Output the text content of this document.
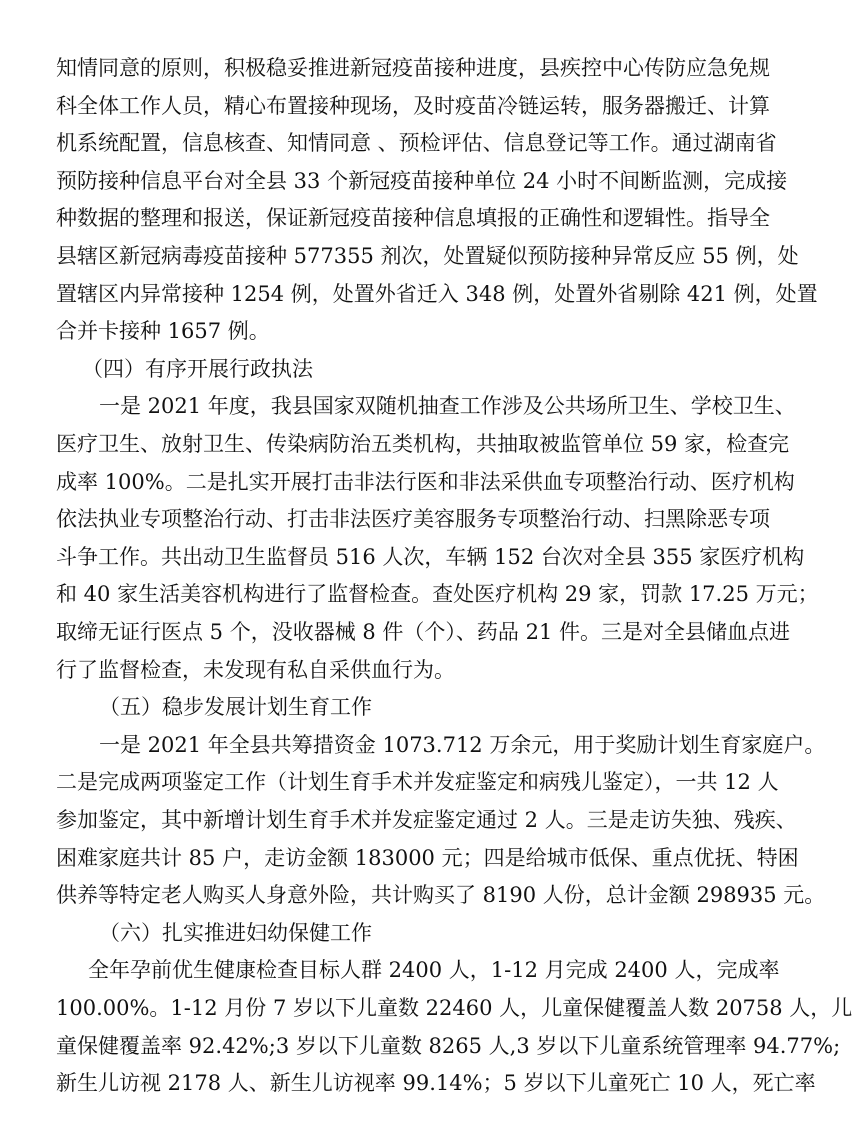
知情同意的原则，积极稳妥推进新冠疫苗接种进度，县疾控中心传防应急免规
科全体工作人员，精心布置接种现场，及时疫苗冷链运转，服务器搬迁、计算
机系统配置，信息核查、知情同意 、预检评估、信息登记等工作。通过湖南省
预防接种信息平台对全县 33 个新冠疫苗接种单位 24 小时不间断监测，完成接
种数据的整理和报送，保证新冠疫苗接种信息填报的正确性和逻辑性。指导全
县辖区新冠病毒疫苗接种 577355 剂次，处置疑似预防接种异常反应 55 例，处
置辖区内异常接种 1254 例，处置外省迁入 348 例，处置外省剔除 421 例，处置
合并卡接种 1657 例。
（四）有序开展行政执法
一是 2021 年度，我县国家双随机抽查工作涉及公共场所卫生、学校卫生、
医疗卫生、放射卫生、传染病防治五类机构，共抽取被监管单位 59 家，检查完
成率 100%。二是扎实开展打击非法行医和非法采供血专项整治行动、医疗机构
依法执业专项整治行动、打击非法医疗美容服务专项整治行动、扫黑除恶专项
斗争工作。共出动卫生监督员 516 人次，车辆 152 台次对全县 355 家医疗机构
和 40 家生活美容机构进行了监督检查。查处医疗机构 29 家，罚款 17.25 万元；
取缔无证行医点 5 个，没收器械 8 件（个）、药品 21 件。三是对全县储血点进
行了监督检查，未发现有私自采供血行为。
（五）稳步发展计划生育工作
一是 2021 年全县共筹措资金 1073.712 万余元，用于奖励计划生育家庭户。
二是完成两项鉴定工作（计划生育手术并发症鉴定和病残儿鉴定），一共 12 人
参加鉴定，其中新增计划生育手术并发症鉴定通过 2 人。三是走访失独、残疾、
困难家庭共计 85 户，走访金额 183000 元；四是给城市低保、重点优抚、特困
供养等特定老人购买人身意外险，共计购买了 8190 人份，总计金额 298935 元。
（六）扎实推进妇幼保健工作
全年孕前优生健康检查目标人群 2400 人，1-12 月完成 2400 人，完成率
100.00%。1-12 月份 7 岁以下儿童数 22460 人，儿童保健覆盖人数 20758 人，儿
童保健覆盖率 92.42%;3 岁以下儿童数 8265 人,3 岁以下儿童系统管理率 94.77%;
新生儿访视 2178 人、新生儿访视率 99.14%；5 岁以下儿童死亡 10 人，死亡率
